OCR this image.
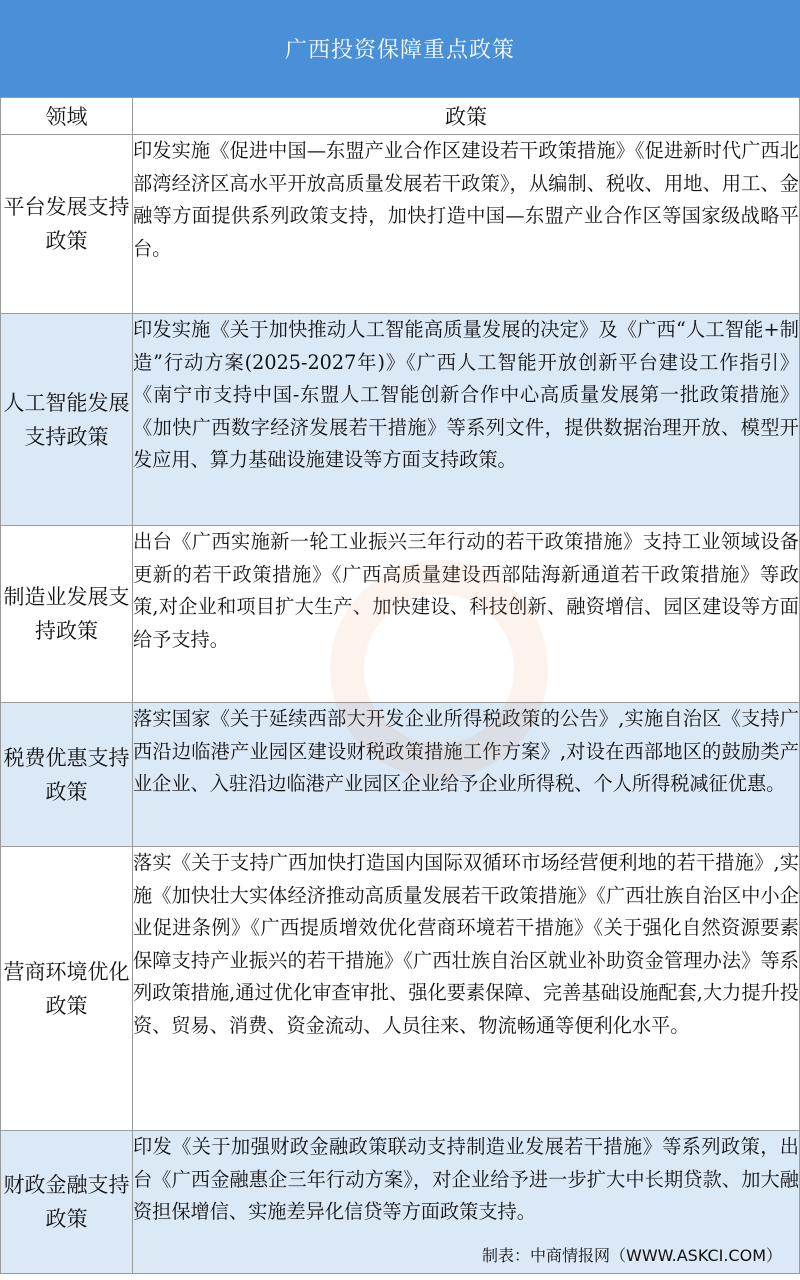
广西投资保障重点政策
领域	政策
平台发展支持政策	印发实施《促进中国—东盟产业合作区建设若干政策措施》《促进新时代广西北部湾经济区高水平开放高质量发展若干政策》，从编制、税收、用地、用工、金融等方面提供系列政策支持，加快打造中国—东盟产业合作区等国家级战略平台。
人工智能发展支持政策	印发实施《关于加快推动人工智能高质量发展的决定》及《广西“人工智能+制造”行动方案(2025-2027年)》《广西人工智能开放创新平台建设工作指引》《南宁市支持中国-东盟人工智能创新合作中心高质量发展第一批政策措施》《加快广西数字经济发展若干措施》等系列文件，提供数据治理开放、模型开发应用、算力基础设施建设等方面支持政策。
制造业发展支持政策	出台《广西实施新一轮工业振兴三年行动的若干政策措施》支持工业领域设备更新的若干政策措施》《广西高质量建设西部陆海新通道若干政策措施》等政策,对企业和项目扩大生产、加快建设、科技创新、融资增信、园区建设等方面给予支持。
税费优惠支持政策	落实国家《关于延续西部大开发企业所得税政策的公告》,实施自治区《支持广西沿边临港产业园区建设财税政策措施工作方案》,对设在西部地区的鼓励类产业企业、入驻沿边临港产业园区企业给予企业所得税、个人所得税减征优惠。
营商环境优化政策	落实《关于支持广西加快打造国内国际双循环市场经营便利地的若干措施》,实施《加快壮大实体经济推动高质量发展若干政策措施》《广西壮族自治区中小企业促进条例》《广西提质增效优化营商环境若干措施》《关于强化自然资源要素保障支持产业振兴的若干措施》《广西壮族自治区就业补助资金管理办法》等系列政策措施,通过优化审查审批、强化要素保障、完善基础设施配套,大力提升投资、贸易、消费、资金流动、人员往来、物流畅通等便利化水平。
财政金融支持政策	印发《关于加强财政金融政策联动支持制造业发展若干措施》等系列政策，出台《广西金融惠企三年行动方案》，对企业给予进一步扩大中长期贷款、加大融资担保增信、实施差异化信贷等方面政策支持。
制表：中商情报网（WWW.ASKCI.COM）
